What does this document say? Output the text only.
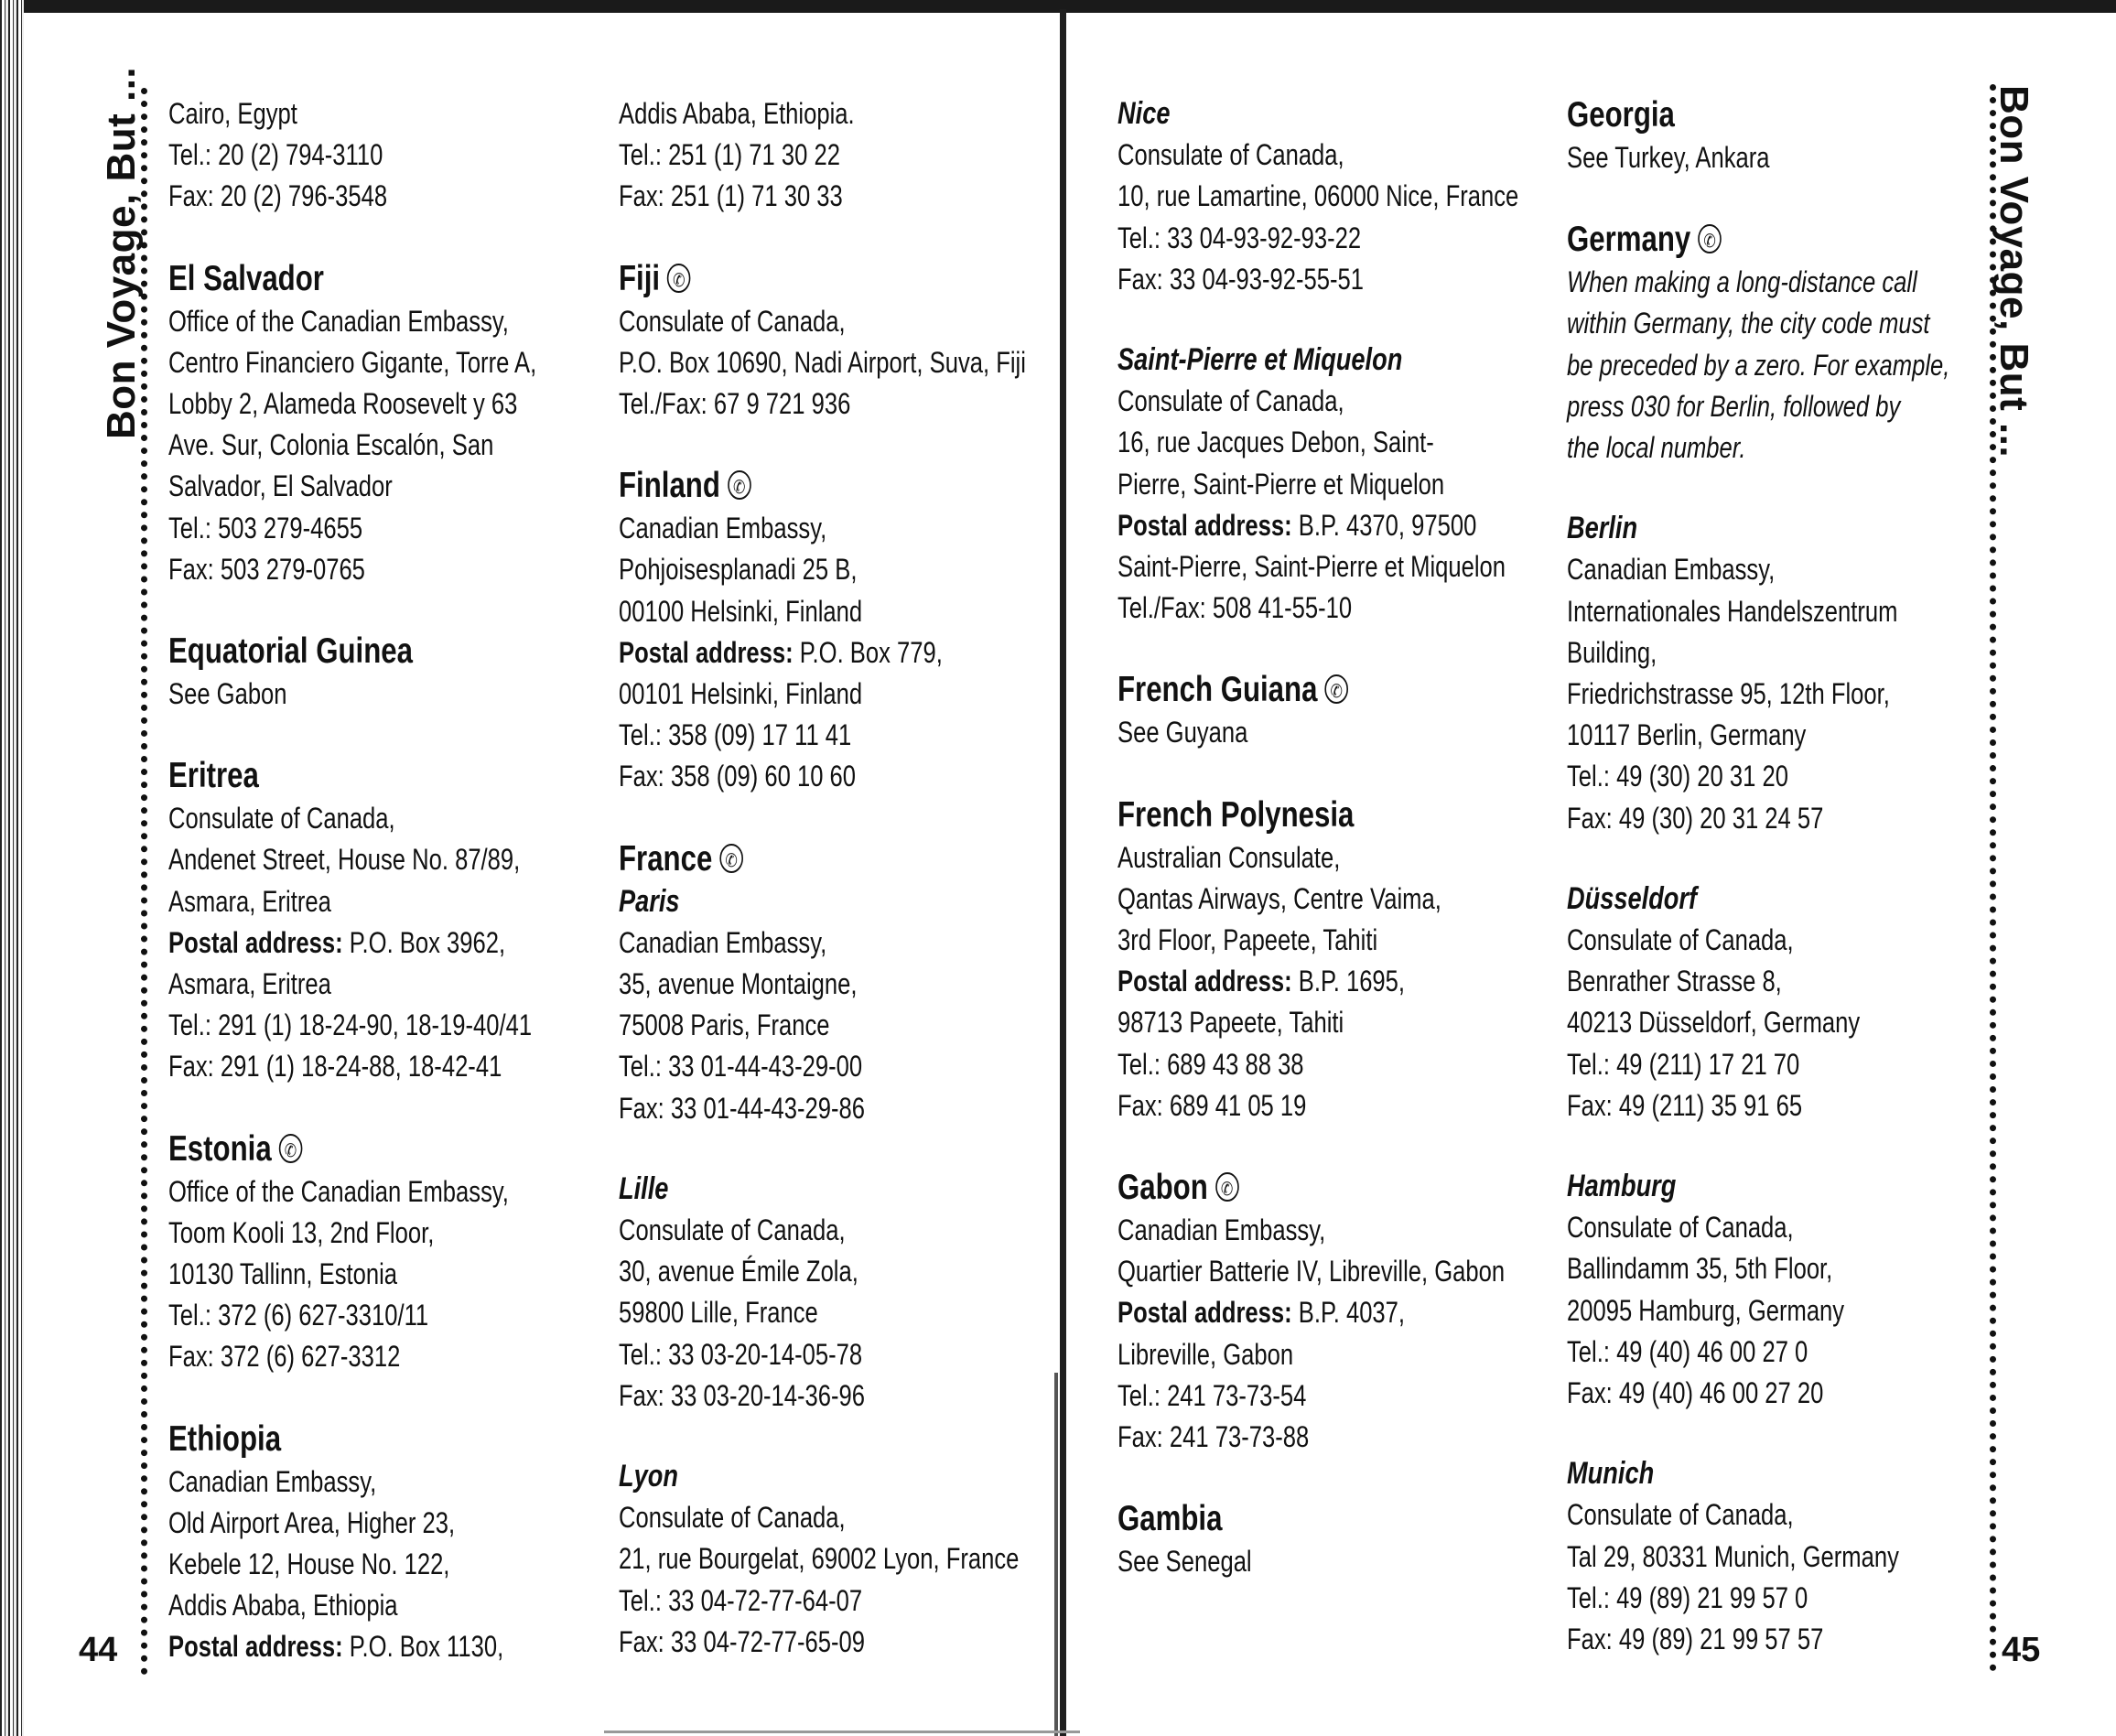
Bon Voyage, But ...
44
Cairo, Egypt
Tel.: 20 (2) 794-3110
Fax: 20 (2) 796-3548
El Salvador
Office of the Canadian Embassy,
Centro Financiero Gigante, Torre A,
Lobby 2, Alameda Roosevelt y 63
Ave. Sur, Colonia Escalón, San
Salvador, El Salvador
Tel.: 503 279-4655
Fax: 503 279-0765
Equatorial Guinea
See Gabon
Eritrea
Consulate of Canada,
Andenet Street, House No. 87/89,
Asmara, Eritrea
Postal address: P.O. Box 3962,
Asmara, Eritrea
Tel.: 291 (1) 18-24-90, 18-19-40/41
Fax: 291 (1) 18-24-88, 18-42-41
Estonia✆
Office of the Canadian Embassy,
Toom Kooli 13, 2nd Floor,
10130 Tallinn, Estonia
Tel.: 372 (6) 627-3310/11
Fax: 372 (6) 627-3312
Ethiopia
Canadian Embassy,
Old Airport Area, Higher 23,
Kebele 12, House No. 122,
Addis Ababa, Ethiopia
Postal address: P.O. Box 1130,
Addis Ababa, Ethiopia.
Tel.: 251 (1) 71 30 22
Fax: 251 (1) 71 30 33
Fiji✆
Consulate of Canada,
P.O. Box 10690, Nadi Airport, Suva, Fiji
Tel./Fax: 67 9 721 936
Finland✆
Canadian Embassy,
Pohjoisesplanadi 25 B,
00100 Helsinki, Finland
Postal address: P.O. Box 779,
00101 Helsinki, Finland
Tel.: 358 (09) 17 11 41
Fax: 358 (09) 60 10 60
France✆
Paris
Canadian Embassy,
35, avenue Montaigne,
75008 Paris, France
Tel.: 33 01-44-43-29-00
Fax: 33 01-44-43-29-86
Lille
Consulate of Canada,
30, avenue Émile Zola,
59800 Lille, France
Tel.: 33 03-20-14-05-78
Fax: 33 03-20-14-36-96
Lyon
Consulate of Canada,
21, rue Bourgelat, 69002 Lyon, France
Tel.: 33 04-72-77-64-07
Fax: 33 04-72-77-65-09
Bon Voyage, But ...
45
Nice
Consulate of Canada,
10, rue Lamartine, 06000 Nice, France
Tel.: 33 04-93-92-93-22
Fax: 33 04-93-92-55-51
Saint-Pierre et Miquelon
Consulate of Canada,
16, rue Jacques Debon, Saint-
Pierre, Saint-Pierre et Miquelon
Postal address: B.P. 4370, 97500
Saint-Pierre, Saint-Pierre et Miquelon
Tel./Fax: 508 41-55-10
French Guiana✆
See Guyana
French Polynesia
Australian Consulate,
Qantas Airways, Centre Vaima,
3rd Floor, Papeete, Tahiti
Postal address: B.P. 1695,
98713 Papeete, Tahiti
Tel.: 689 43 88 38
Fax: 689 41 05 19
Gabon✆
Canadian Embassy,
Quartier Batterie IV, Libreville, Gabon
Postal address: B.P. 4037,
Libreville, Gabon
Tel.: 241 73-73-54
Fax: 241 73-73-88
Gambia
See Senegal
Georgia
See Turkey, Ankara
Germany✆
When making a long-distance call
within Germany, the city code must
be preceded by a zero. For example,
press 030 for Berlin, followed by
the local number.
Berlin
Canadian Embassy,
Internationales Handelszentrum
Building,
Friedrichstrasse 95, 12th Floor,
10117 Berlin, Germany
Tel.: 49 (30) 20 31 20
Fax: 49 (30) 20 31 24 57
Düsseldorf
Consulate of Canada,
Benrather Strasse 8,
40213 Düsseldorf, Germany
Tel.: 49 (211) 17 21 70
Fax: 49 (211) 35 91 65
Hamburg
Consulate of Canada,
Ballindamm 35, 5th Floor,
20095 Hamburg, Germany
Tel.: 49 (40) 46 00 27 0
Fax: 49 (40) 46 00 27 20
Munich
Consulate of Canada,
Tal 29, 80331 Munich, Germany
Tel.: 49 (89) 21 99 57 0
Fax: 49 (89) 21 99 57 57
